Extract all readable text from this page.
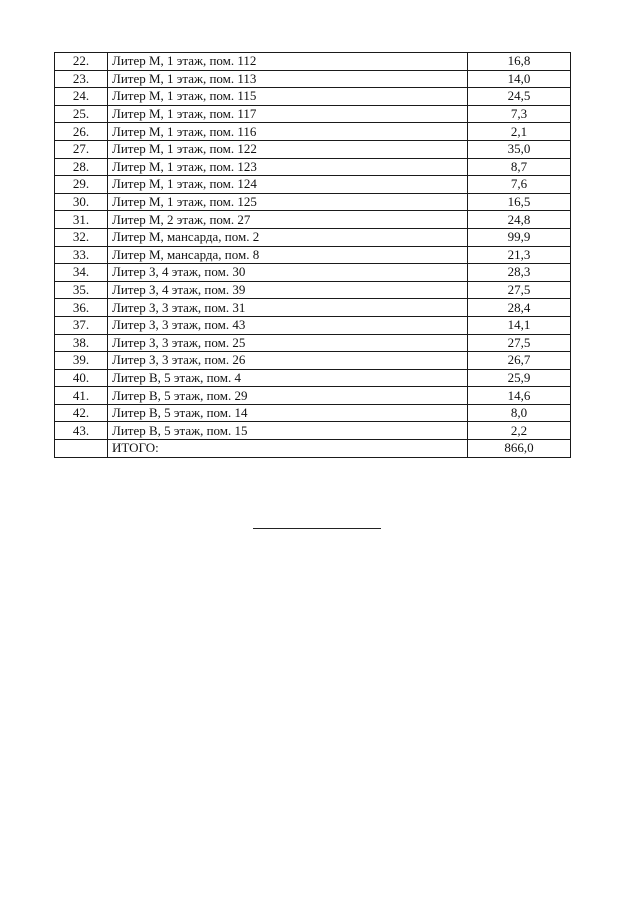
22.	Литер М, 1 этаж, пом. 112	16,8
23.	Литер М, 1 этаж, пом. 113	14,0
24.	Литер М, 1 этаж, пом. 115	24,5
25.	Литер М, 1 этаж, пом. 117	7,3
26.	Литер М, 1 этаж, пом. 116	2,1
27.	Литер М, 1 этаж, пом. 122	35,0
28.	Литер М, 1 этаж, пом. 123	8,7
29.	Литер М, 1 этаж, пом. 124	7,6
30.	Литер М, 1 этаж, пом. 125	16,5
31.	Литер М, 2 этаж, пом. 27	24,8
32.	Литер М, мансарда, пом. 2	99,9
33.	Литер М, мансарда, пом. 8	21,3
34.	Литер З, 4 этаж, пом. 30	28,3
35.	Литер З, 4 этаж, пом. 39	27,5
36.	Литер З, 3 этаж, пом. 31	28,4
37.	Литер З, 3 этаж, пом. 43	14,1
38.	Литер З, 3 этаж, пом. 25	27,5
39.	Литер З, 3 этаж, пом. 26	26,7
40.	Литер В, 5 этаж, пом. 4	25,9
41.	Литер В, 5 этаж, пом. 29	14,6
42.	Литер В, 5 этаж, пом. 14	8,0
43.	Литер В, 5 этаж, пом. 15	2,2
	ИТОГО:	866,0
